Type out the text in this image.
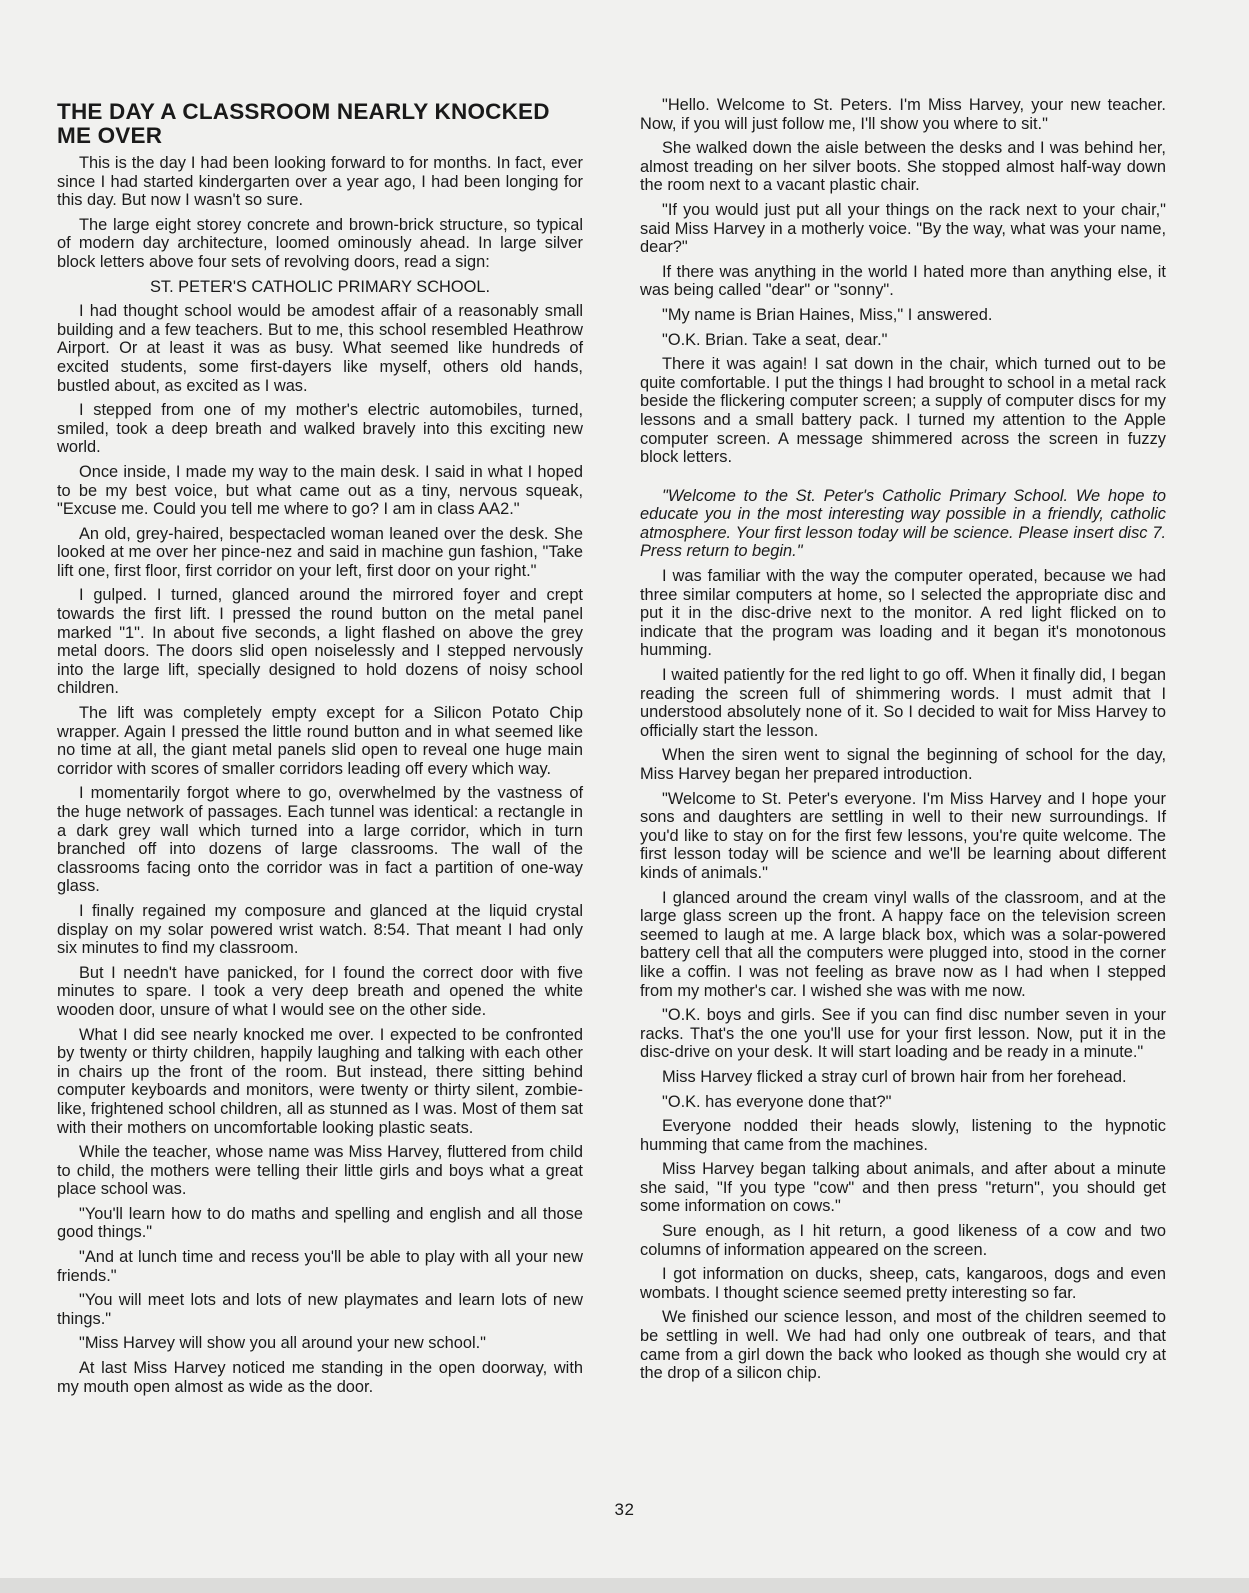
THE DAY A CLASSROOM NEARLY KNOCKED ME OVER

This is the day I had been looking forward to for months. In fact, ever since I had started kindergarten over a year ago, I had been longing for this day. But now I wasn't so sure.

The large eight storey concrete and brown-brick structure, so typical of modern day architecture, loomed ominously ahead. In large silver block letters above four sets of revolving doors, read a sign:

ST. PETER'S CATHOLIC PRIMARY SCHOOL.

I had thought school would be amodest affair of a reasonably small building and a few teachers. But to me, this school resembled Heathrow Airport. Or at least it was as busy. What seemed like hundreds of excited students, some first-dayers like myself, others old hands, bustled about, as excited as I was.

I stepped from one of my mother's electric automobiles, turned, smiled, took a deep breath and walked bravely into this exciting new world.

Once inside, I made my way to the main desk. I said in what I hoped to be my best voice, but what came out as a tiny, nervous squeak, "Excuse me. Could you tell me where to go? I am in class AA2."

An old, grey-haired, bespectacled woman leaned over the desk. She looked at me over her pince-nez and said in machine gun fashion, "Take lift one, first floor, first corridor on your left, first door on your right."

I gulped. I turned, glanced around the mirrored foyer and crept towards the first lift. I pressed the round button on the metal panel marked "1". In about five seconds, a light flashed on above the grey metal doors. The doors slid open noiselessly and I stepped nervously into the large lift, specially designed to hold dozens of noisy school children.

The lift was completely empty except for a Silicon Potato Chip wrapper. Again I pressed the little round button and in what seemed like no time at all, the giant metal panels slid open to reveal one huge main corridor with scores of smaller corridors leading off every which way.

I momentarily forgot where to go, overwhelmed by the vastness of the huge network of passages. Each tunnel was identical: a rectangle in a dark grey wall which turned into a large corridor, which in turn branched off into dozens of large classrooms. The wall of the classrooms facing onto the corridor was in fact a partition of one-way glass.

I finally regained my composure and glanced at the liquid crystal display on my solar powered wrist watch. 8:54. That meant I had only six minutes to find my classroom.

But I needn't have panicked, for I found the correct door with five minutes to spare. I took a very deep breath and opened the white wooden door, unsure of what I would see on the other side.

What I did see nearly knocked me over. I expected to be confronted by twenty or thirty children, happily laughing and talking with each other in chairs up the front of the room. But instead, there sitting behind computer keyboards and monitors, were twenty or thirty silent, zombie-like, frightened school children, all as stunned as I was. Most of them sat with their mothers on uncomfortable looking plastic seats.

While the teacher, whose name was Miss Harvey, fluttered from child to child, the mothers were telling their little girls and boys what a great place school was.

"You'll learn how to do maths and spelling and english and all those good things."

"And at lunch time and recess you'll be able to play with all your new friends."

"You will meet lots and lots of new playmates and learn lots of new things."

"Miss Harvey will show you all around your new school."

At last Miss Harvey noticed me standing in the open doorway, with my mouth open almost as wide as the door.

"Hello. Welcome to St. Peters. I'm Miss Harvey, your new teacher. Now, if you will just follow me, I'll show you where to sit."

She walked down the aisle between the desks and I was behind her, almost treading on her silver boots. She stopped almost half-way down the room next to a vacant plastic chair.

"If you would just put all your things on the rack next to your chair," said Miss Harvey in a motherly voice. "By the way, what was your name, dear?"

If there was anything in the world I hated more than anything else, it was being called "dear" or "sonny".

"My name is Brian Haines, Miss," I answered.

"O.K. Brian. Take a seat, dear."

There it was again! I sat down in the chair, which turned out to be quite comfortable. I put the things I had brought to school in a metal rack beside the flickering computer screen; a supply of computer discs for my lessons and a small battery pack. I turned my attention to the Apple computer screen. A message shimmered across the screen in fuzzy block letters.

"Welcome to the St. Peter's Catholic Primary School. We hope to educate you in the most interesting way possible in a friendly, catholic atmosphere. Your first lesson today will be science. Please insert disc 7. Press return to begin."

I was familiar with the way the computer operated, because we had three similar computers at home, so I selected the appropriate disc and put it in the disc-drive next to the monitor. A red light flicked on to indicate that the program was loading and it began it's monotonous humming.

I waited patiently for the red light to go off. When it finally did, I began reading the screen full of shimmering words. I must admit that I understood absolutely none of it. So I decided to wait for Miss Harvey to officially start the lesson.

When the siren went to signal the beginning of school for the day, Miss Harvey began her prepared introduction.

"Welcome to St. Peter's everyone. I'm Miss Harvey and I hope your sons and daughters are settling in well to their new surroundings. If you'd like to stay on for the first few lessons, you're quite welcome. The first lesson today will be science and we'll be learning about different kinds of animals."

I glanced around the cream vinyl walls of the classroom, and at the large glass screen up the front. A happy face on the television screen seemed to laugh at me. A large black box, which was a solar-powered battery cell that all the computers were plugged into, stood in the corner like a coffin. I was not feeling as brave now as I had when I stepped from my mother's car. I wished she was with me now.

"O.K. boys and girls. See if you can find disc number seven in your racks. That's the one you'll use for your first lesson. Now, put it in the disc-drive on your desk. It will start loading and be ready in a minute."

Miss Harvey flicked a stray curl of brown hair from her forehead.

"O.K. has everyone done that?"

Everyone nodded their heads slowly, listening to the hypnotic humming that came from the machines.

Miss Harvey began talking about animals, and after about a minute she said, "If you type "cow" and then press "return", you should get some information on cows."

Sure enough, as I hit return, a good likeness of a cow and two columns of information appeared on the screen.

I got information on ducks, sheep, cats, kangaroos, dogs and even wombats. I thought science seemed pretty interesting so far.

We finished our science lesson, and most of the children seemed to be settling in well. We had had only one outbreak of tears, and that came from a girl down the back who looked as though she would cry at the drop of a silicon chip.

32
